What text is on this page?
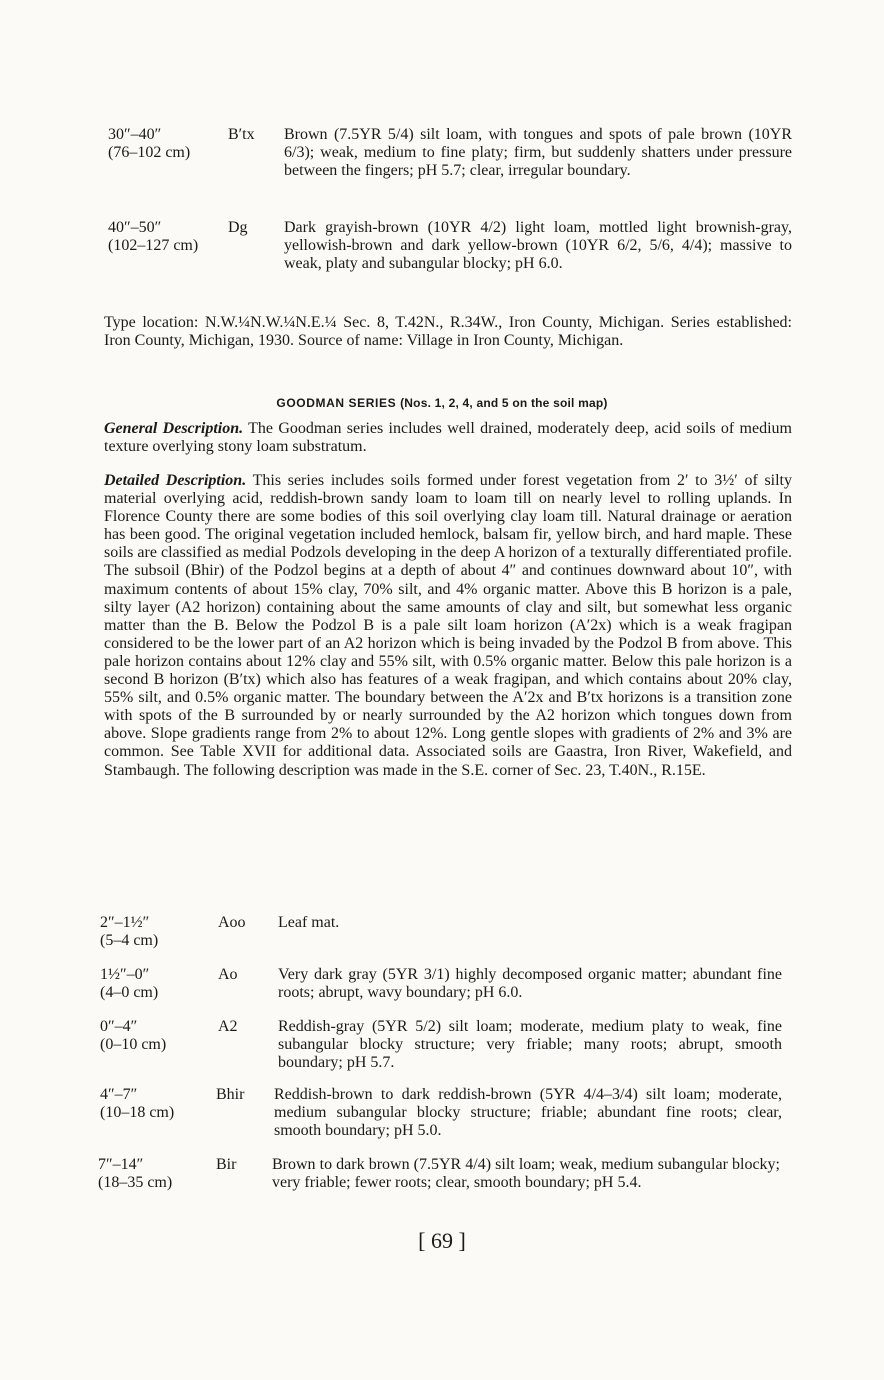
30″–40″
(76–102 cm)
B′tx Brown (7.5YR 5/4) silt loam, with tongues and spots of pale brown (10YR 6/3); weak, medium to fine platy; firm, but suddenly shatters under pressure between the fingers; pH 5.7; clear, irregular boundary.
40″–50″
(102–127 cm)
Dg Dark grayish-brown (10YR 4/2) light loam, mottled light brownish-gray, yellowish-brown and dark yellow-brown (10YR 6/2, 5/6, 4/4); massive to weak, platy and subangular blocky; pH 6.0.
Type location: N.W.¼N.W.¼N.E.¼ Sec. 8, T.42N., R.34W., Iron County, Michigan. Series established: Iron County, Michigan, 1930. Source of name: Village in Iron County, Michigan.
GOODMAN SERIES (Nos. 1, 2, 4, and 5 on the soil map)
General Description. The Goodman series includes well drained, moderately deep, acid soils of medium texture overlying stony loam substratum.
Detailed Description. This series includes soils formed under forest vegetation from 2′ to 3½′ of silty material overlying acid, reddish-brown sandy loam to loam till on nearly level to rolling uplands. In Florence County there are some bodies of this soil overlying clay loam till. Natural drainage or aeration has been good. The original vegetation included hemlock, balsam fir, yellow birch, and hard maple. These soils are classified as medial Podzols developing in the deep A horizon of a texturally differentiated profile. The subsoil (Bhir) of the Podzol begins at a depth of about 4″ and continues downward about 10″, with maximum contents of about 15% clay, 70% silt, and 4% organic matter. Above this B horizon is a pale, silty layer (A2 horizon) containing about the same amounts of clay and silt, but somewhat less organic matter than the B. Below the Podzol B is a pale silt loam horizon (A′2x) which is a weak fragipan considered to be the lower part of an A2 horizon which is being invaded by the Podzol B from above. This pale horizon contains about 12% clay and 55% silt, with 0.5% organic matter. Below this pale horizon is a second B horizon (B′tx) which also has features of a weak fragipan, and which contains about 20% clay, 55% silt, and 0.5% organic matter. The boundary between the A′2x and B′tx horizons is a transition zone with spots of the B surrounded by or nearly surrounded by the A2 horizon which tongues down from above. Slope gradients range from 2% to about 12%. Long gentle slopes with gradients of 2% and 3% are common. See Table XVII for additional data. Associated soils are Gaastra, Iron River, Wakefield, and Stambaugh. The following description was made in the S.E. corner of Sec. 23, T.40N., R.15E.
2″–1½″
(5–4 cm)
Aoo Leaf mat.
1½″–0″
(4–0 cm)
Ao	Very dark gray (5YR 3/1) highly decomposed organic matter; abundant fine roots; abrupt, wavy boundary; pH 6.0.
0″–4″
(0–10 cm)
A2	Reddish-gray (5YR 5/2) silt loam; moderate, medium platy to weak, fine subangular blocky structure; very friable; many roots; abrupt, smooth boundary; pH 5.7.
4″–7″
(10–18 cm)
Bhir Reddish-brown to dark reddish-brown (5YR 4/4–3/4) silt loam; moderate, medium subangular blocky structure; friable; abundant fine roots; clear, smooth boundary; pH 5.0.
7″–14″
(18–35 cm)
Bir Brown to dark brown (7.5YR 4/4) silt loam; weak, medium subangular blocky; very friable; fewer roots; clear, smooth boundary; pH 5.4.
[ 69 ]
